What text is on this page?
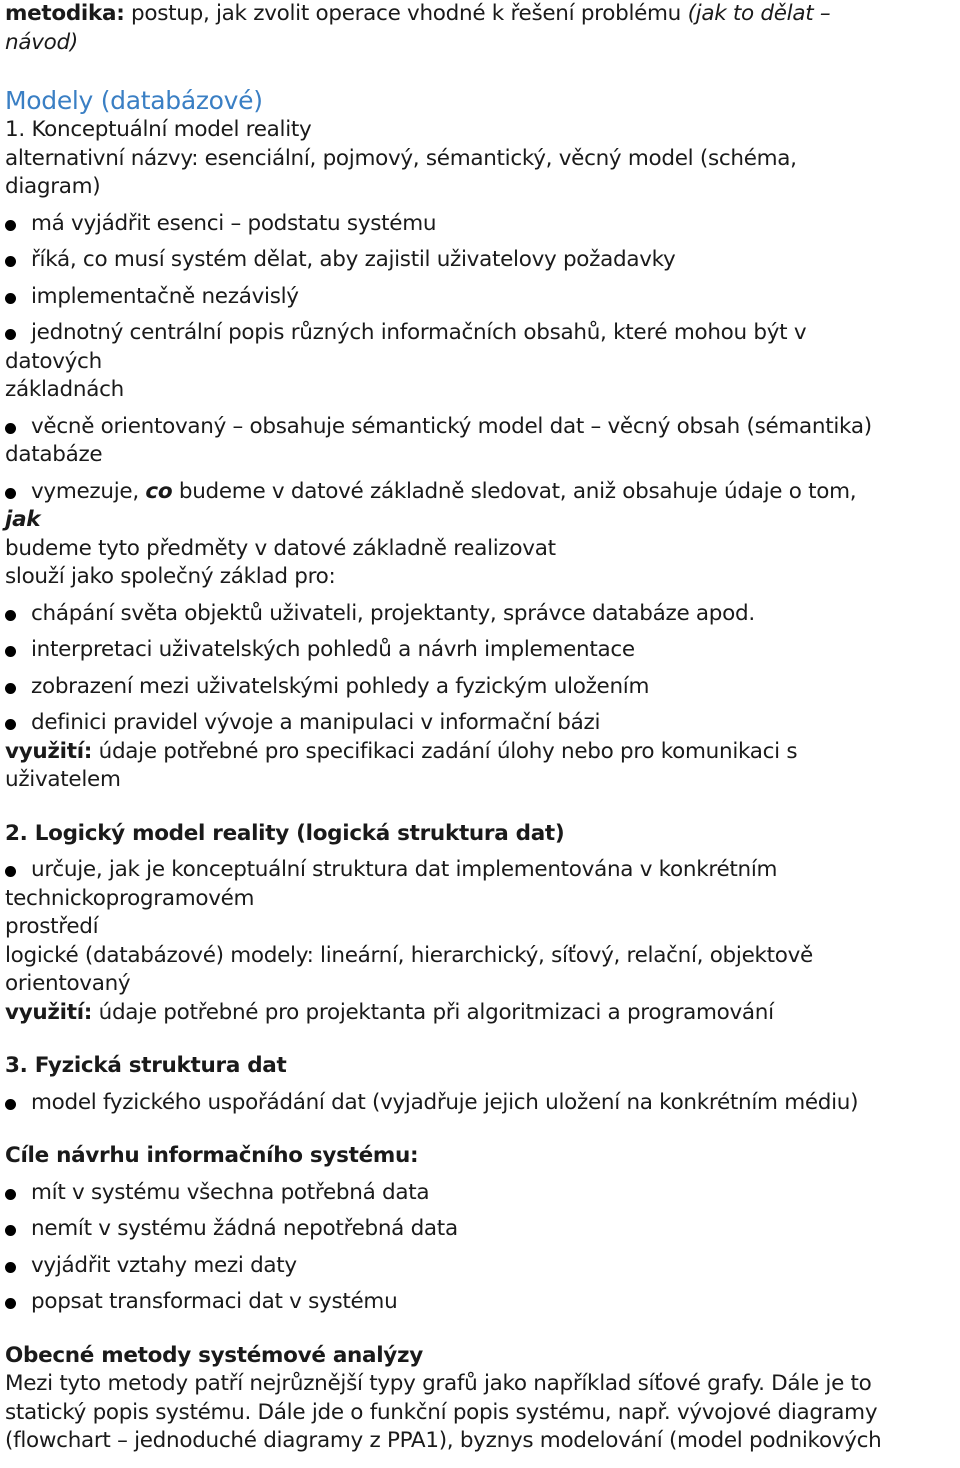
metodika: postup, jak zvolit operace vhodné k řešení problému (jak to dělat –
návod)
Modely (databázové)
1. Konceptuální model reality
alternativní názvy: esenciální, pojmový, sémantický, věcný model (schéma,
diagram)
má vyjádřit esenci – podstatu systému
říká, co musí systém dělat, aby zajistil uživatelovy požadavky
implementačně nezávislý
jednotný centrální popis různých informačních obsahů, které mohou být v
datových
základnách
věcně orientovaný – obsahuje sémantický model dat – věcný obsah (sémantika)
databáze
vymezuje, co budeme v datové základně sledovat, aniž obsahuje údaje o tom,
jak
budeme tyto předměty v datové základně realizovat
slouží jako společný základ pro:
chápání světa objektů uživateli, projektanty, správce databáze apod.
interpretaci uživatelských pohledů a návrh implementace
zobrazení mezi uživatelskými pohledy a fyzickým uložením
definici pravidel vývoje a manipulaci v informační bázi
využití: údaje potřebné pro specifikaci zadání úlohy nebo pro komunikaci s
uživatelem
2. Logický model reality (logická struktura dat)
určuje, jak je konceptuální struktura dat implementována v konkrétním
technickoprogramovém
prostředí
logické (databázové) modely: lineární, hierarchický, síťový, relační, objektově
orientovaný
využití: údaje potřebné pro projektanta při algoritmizaci a programování
3. Fyzická struktura dat
model fyzického uspořádání dat (vyjadřuje jejich uložení na konkrétním médiu)
Cíle návrhu informačního systému:
mít v systému všechna potřebná data
nemít v systému žádná nepotřebná data
vyjádřit vztahy mezi daty
popsat transformaci dat v systému
Obecné metody systémové analýzy
Mezi tyto metody patří nejrůznější typy grafů jako například síťové grafy. Dále je to
statický popis systému. Dále jde o funkční popis systému, např. vývojové diagramy
(flowchart – jednoduché diagramy z PPA1), byznys modelování (model podnikových
